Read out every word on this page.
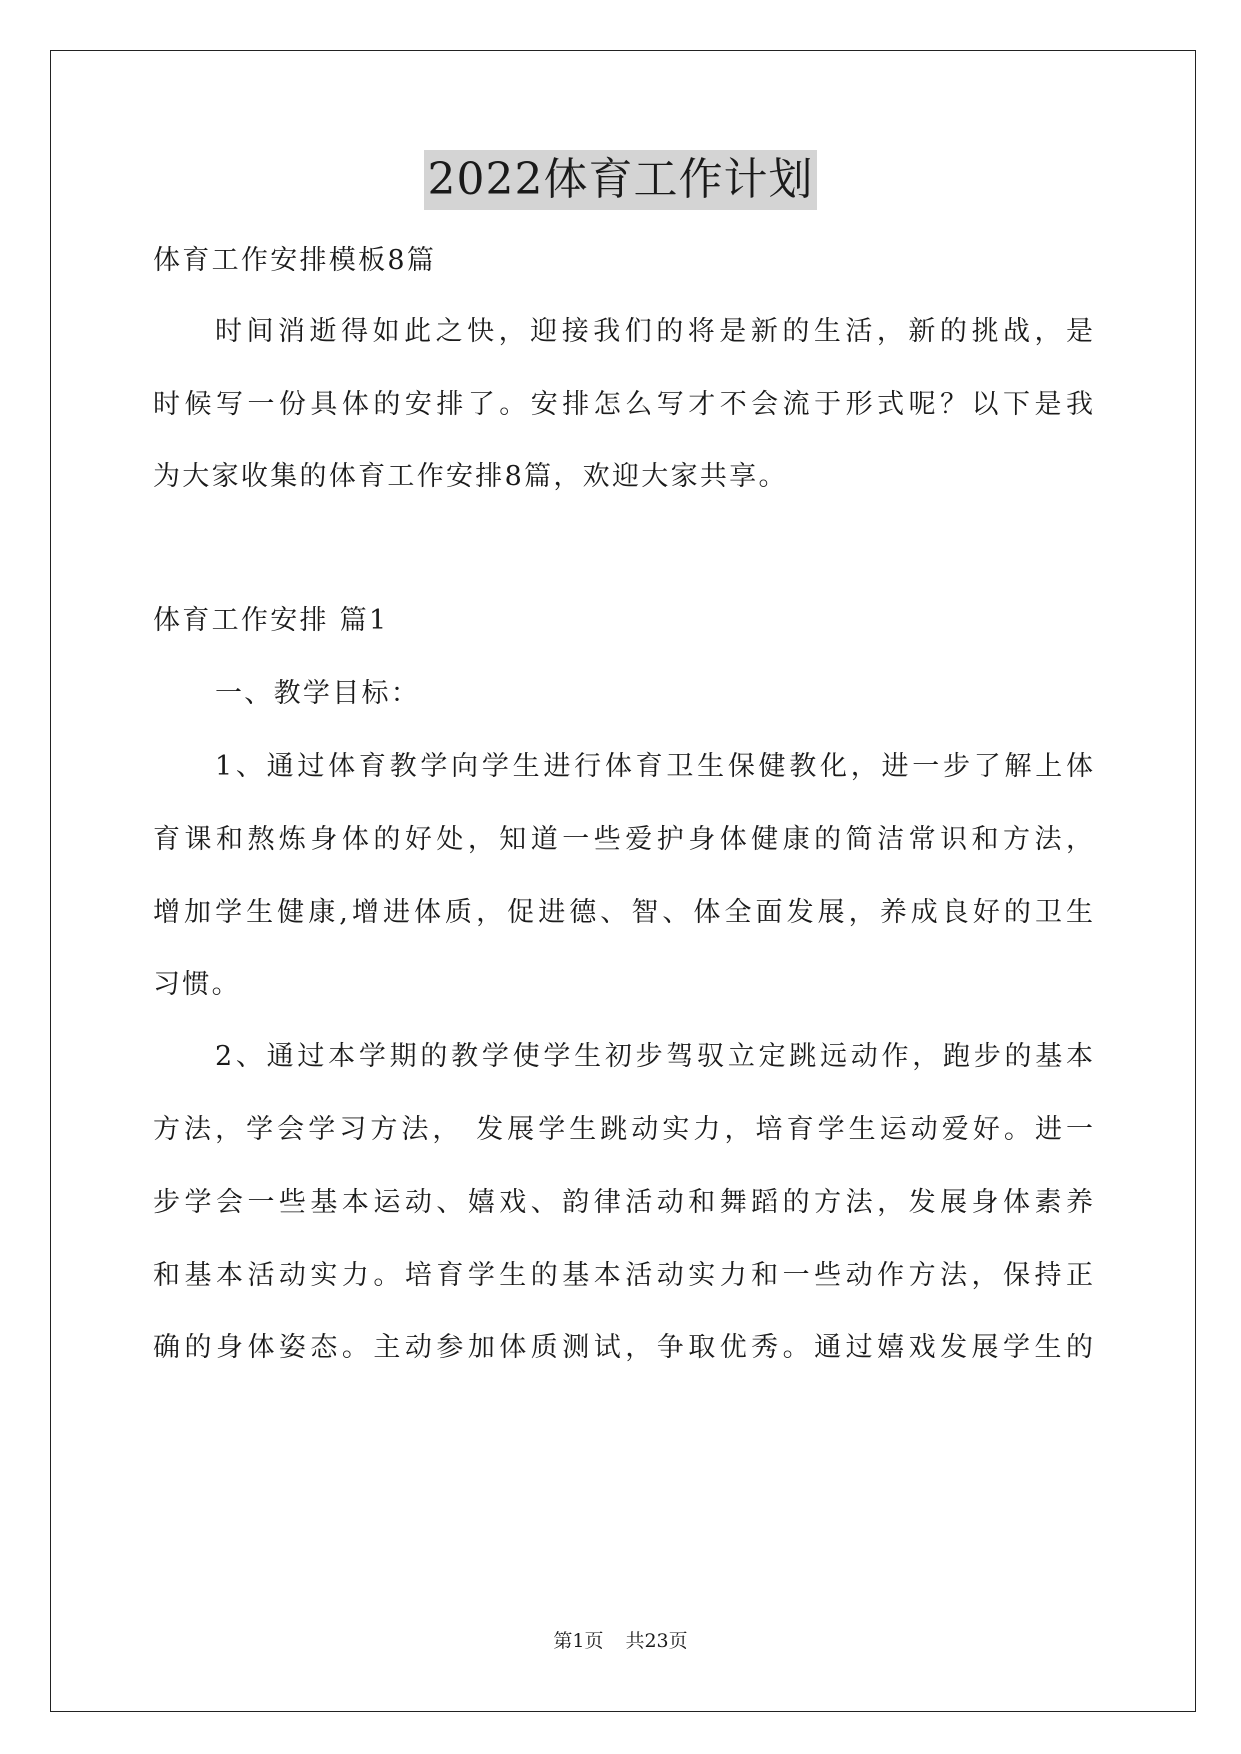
2022体育工作计划
体育工作安排模板8篇
时间消逝得如此之快，迎接我们的将是新的生活，新的挑战，是
时候写一份具体的安排了。安排怎么写才不会流于形式呢？以下是我
为大家收集的体育工作安排8篇，欢迎大家共享。
体育工作安排 篇1
一、教学目标：
1、通过体育教学向学生进行体育卫生保健教化，进一步了解上体
育课和熬炼身体的好处，知道一些爱护身体健康的简洁常识和方法，
增加学生健康,增进体质，促进德、智、体全面发展，养成良好的卫生
习惯。
2、通过本学期的教学使学生初步驾驭立定跳远动作，跑步的基本
方法，学会学习方法， 发展学生跳动实力，培育学生运动爱好。进一
步学会一些基本运动、嬉戏、韵律活动和舞蹈的方法，发展身体素养
和基本活动实力。培育学生的基本活动实力和一些动作方法，保持正
确的身体姿态。主动参加体质测试，争取优秀。通过嬉戏发展学生的
第1页 共23页
